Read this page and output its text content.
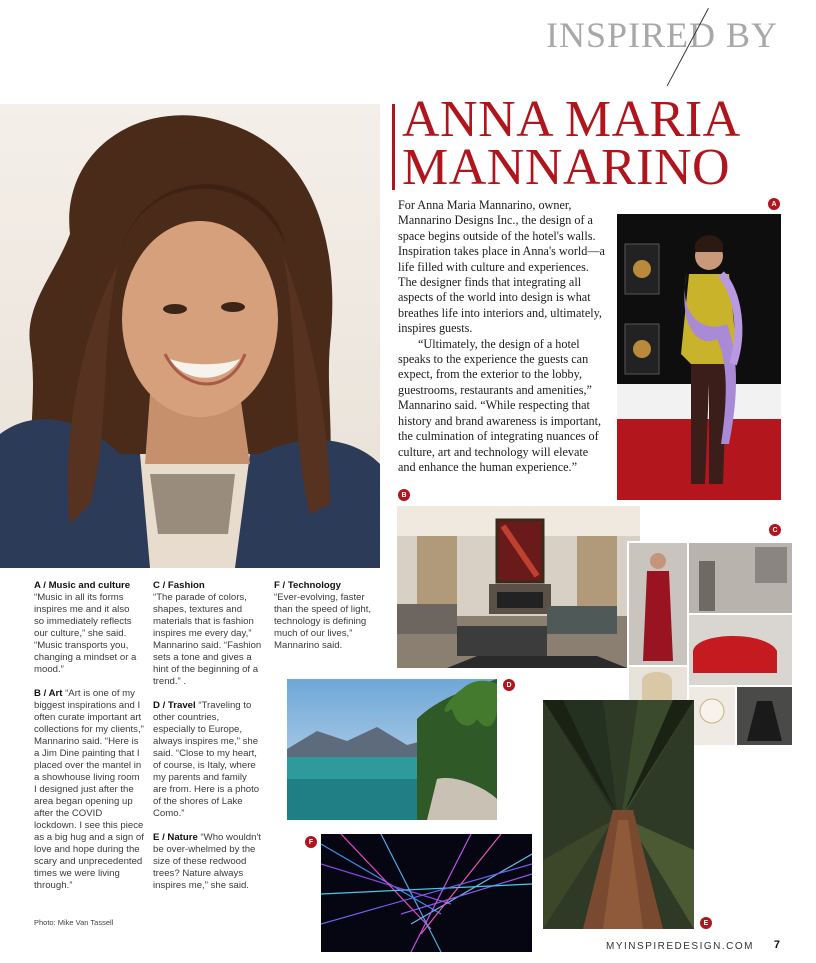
INSPIRED BY
ANNA MARIA
MANNARINO

For Anna Maria Mannarino, owner, Mannarino Designs Inc., the design of a space begins outside of the hotel's walls. Inspiration takes place in Anna's world—a life filled with culture and experiences. The designer finds that integrating all aspects of the world into design is what breathes life into interiors and, ultimately, inspires guests.

“Ultimately, the design of a hotel speaks to the experience the guests can expect, from the exterior to the lobby, guestrooms, restaurants and amenities,” Mannarino said. “While respecting that history and brand awareness is important, the culmination of integrating nuances of culture, art and technology will elevate and enhance the human experience.”

A
B
C
D
E
F
A / Music and culture
“Music in all its forms inspires me and it also so immediately reflects our culture,” she said. “Music transports you, changing a mindset or a mood.”
B / Art “Art is one of my biggest inspirations and I often curate important art collections for my clients,” Mannarino said. “Here is a Jim Dine painting that I placed over the mantel in a showhouse living room I designed just after the area began opening up after the COVID lockdown. I see this piece as a big hug and a sign of love and hope during the scary and unprecedented times we were living through.”
Photo: Mike Van Tassell
C / Fashion
“The parade of colors, shapes, textures and materials that is fashion inspires me every day,” Mannarino said. “Fashion sets a tone and gives a hint of the beginning of a trend.” .
D / Travel “Traveling to other countries, especially to Europe, always inspires me,” she said. “Close to my heart, of course, is Italy, where my parents and family are from. Here is a photo of the shores of Lake Como.”
E / Nature “Who wouldn't be over-whelmed by the size of these redwood trees? Nature always inspires me,” she said.
F / Technology
“Ever-evolving, faster than the speed of light, technology is defining much of our lives,” Mannarino said.
MYINSPIREDESIGN.COM 7
